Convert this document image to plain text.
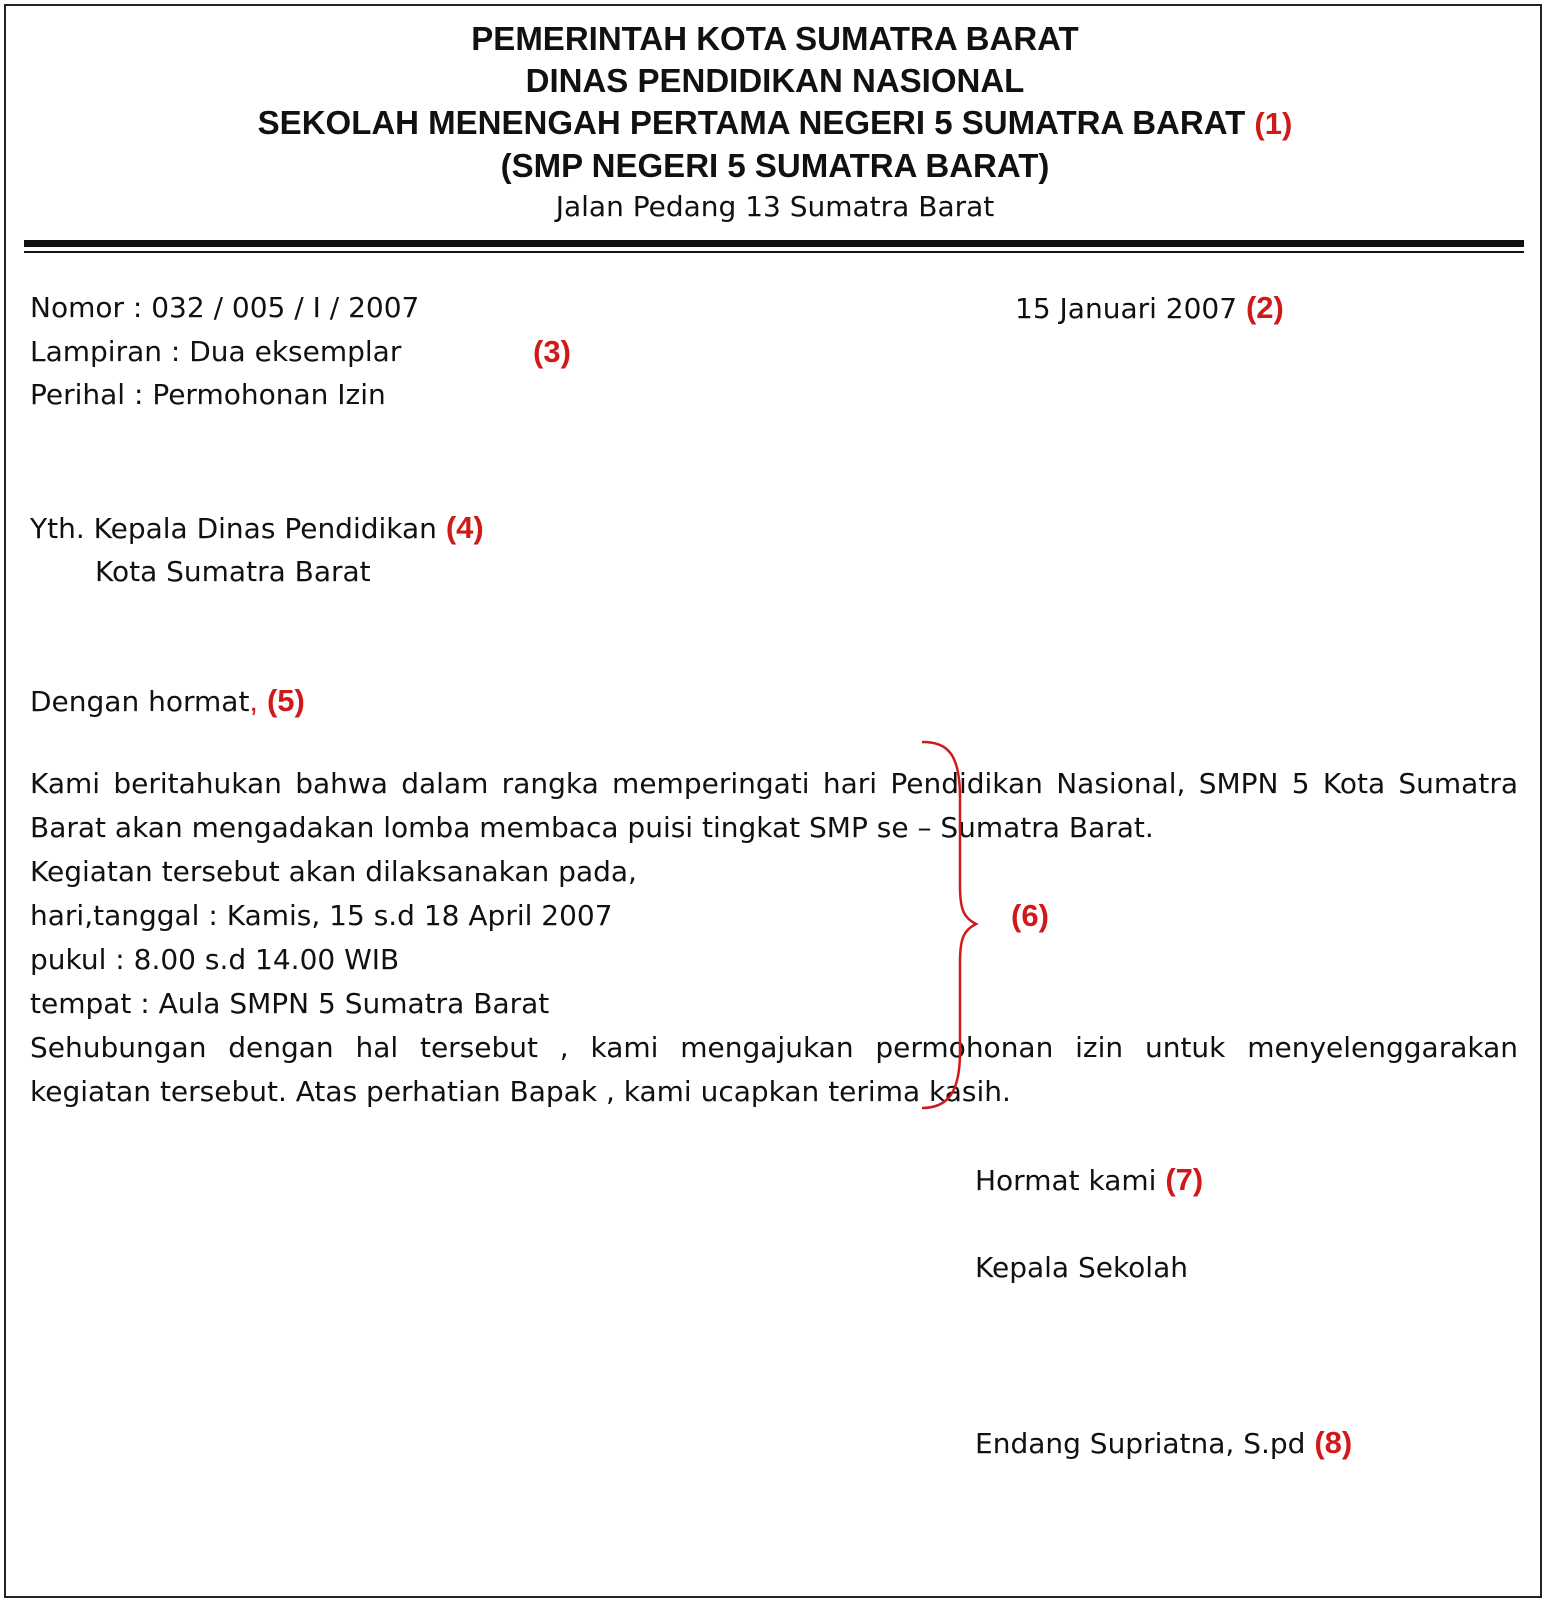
PEMERINTAH KOTA SUMATRA BARAT
DINAS PENDIDIKAN NASIONAL
SEKOLAH MENENGAH PERTAMA NEGERI 5 SUMATRA BARAT (1)
(SMP NEGERI 5 SUMATRA BARAT)
Jalan Pedang 13 Sumatra Barat
Nomor : 032 / 005 / I / 2007	15 Januari 2007 (2)
Lampiran : Dua eksemplar	(3)
Perihal : Permohonan Izin
Yth. Kepala Dinas Pendidikan (4)
Kota Sumatra Barat
Dengan hormat, (5)
Kami beritahukan bahwa dalam rangka memperingati hari Pendidikan Nasional, SMPN 5 Kota Sumatra Barat akan mengadakan lomba membaca puisi tingkat SMP se – Sumatra Barat.
Kegiatan tersebut akan dilaksanakan pada,
hari,tanggal : Kamis, 15 s.d 18 April 2007
pukul : 8.00 s.d 14.00 WIB
tempat : Aula SMPN 5 Sumatra Barat
Sehubungan dengan hal tersebut , kami mengajukan permohonan izin untuk menyelenggarakan kegiatan tersebut. Atas perhatian Bapak , kami ucapkan terima kasih.
(6)
Hormat kami (7)
Kepala Sekolah
Endang Supriatna, S.pd (8)
